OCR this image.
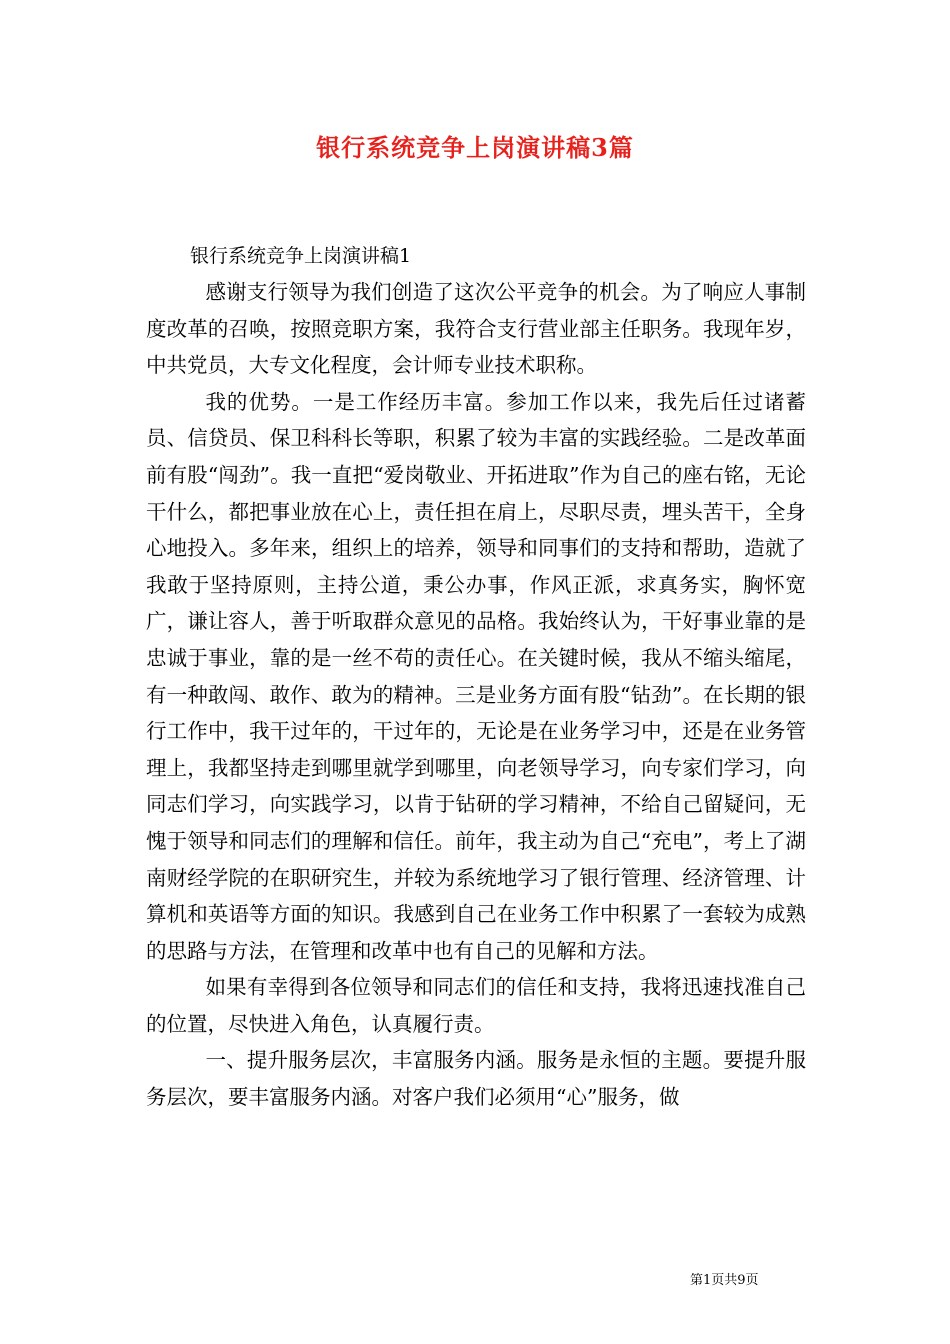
银行系统竞争上岗演讲稿3篇

银行系统竞争上岗演讲稿1

感谢支行领导为我们创造了这次公平竞争的机会。为了响应人事制度改革的召唤，按照竞职方案，我符合支行营业部主任职务。我现年岁，中共党员，大专文化程度，会计师专业技术职称。

我的优势。一是工作经历丰富。参加工作以来，我先后任过诸蓄员、信贷员、保卫科科长等职，积累了较为丰富的实践经验。二是改革面前有股“闯劲”。我一直把“爱岗敬业、开拓进取”作为自己的座右铭，无论干什么，都把事业放在心上，责任担在肩上，尽职尽责，埋头苦干，全身心地投入。多年来，组织上的培养，领导和同事们的支持和帮助，造就了我敢于坚持原则，主持公道，秉公办事，作风正派，求真务实，胸怀宽广，谦让容人，善于听取群众意见的品格。我始终认为，干好事业靠的是忠诚于事业，靠的是一丝不苟的责任心。在关键时候，我从不缩头缩尾，有一种敢闯、敢作、敢为的精神。三是业务方面有股“钻劲”。在长期的银行工作中，我干过年的，干过年的，无论是在业务学习中，还是在业务管理上，我都坚持走到哪里就学到哪里，向老领导学习，向专家们学习，向同志们学习，向实践学习，以肯于钻研的学习精神，不给自己留疑问，无愧于领导和同志们的理解和信任。前年，我主动为自己“充电”，考上了湖南财经学院的在职研究生，并较为系统地学习了银行管理、经济管理、计算机和英语等方面的知识。我感到自己在业务工作中积累了一套较为成熟的思路与方法，在管理和改革中也有自己的见解和方法。

如果有幸得到各位领导和同志们的信任和支持，我将迅速找准自己的位置，尽快进入角色，认真履行责。

一、提升服务层次，丰富服务内涵。服务是永恒的主题。要提升服务层次，要丰富服务内涵。对客户我们必须用“心”服务，做

第1页共9页
